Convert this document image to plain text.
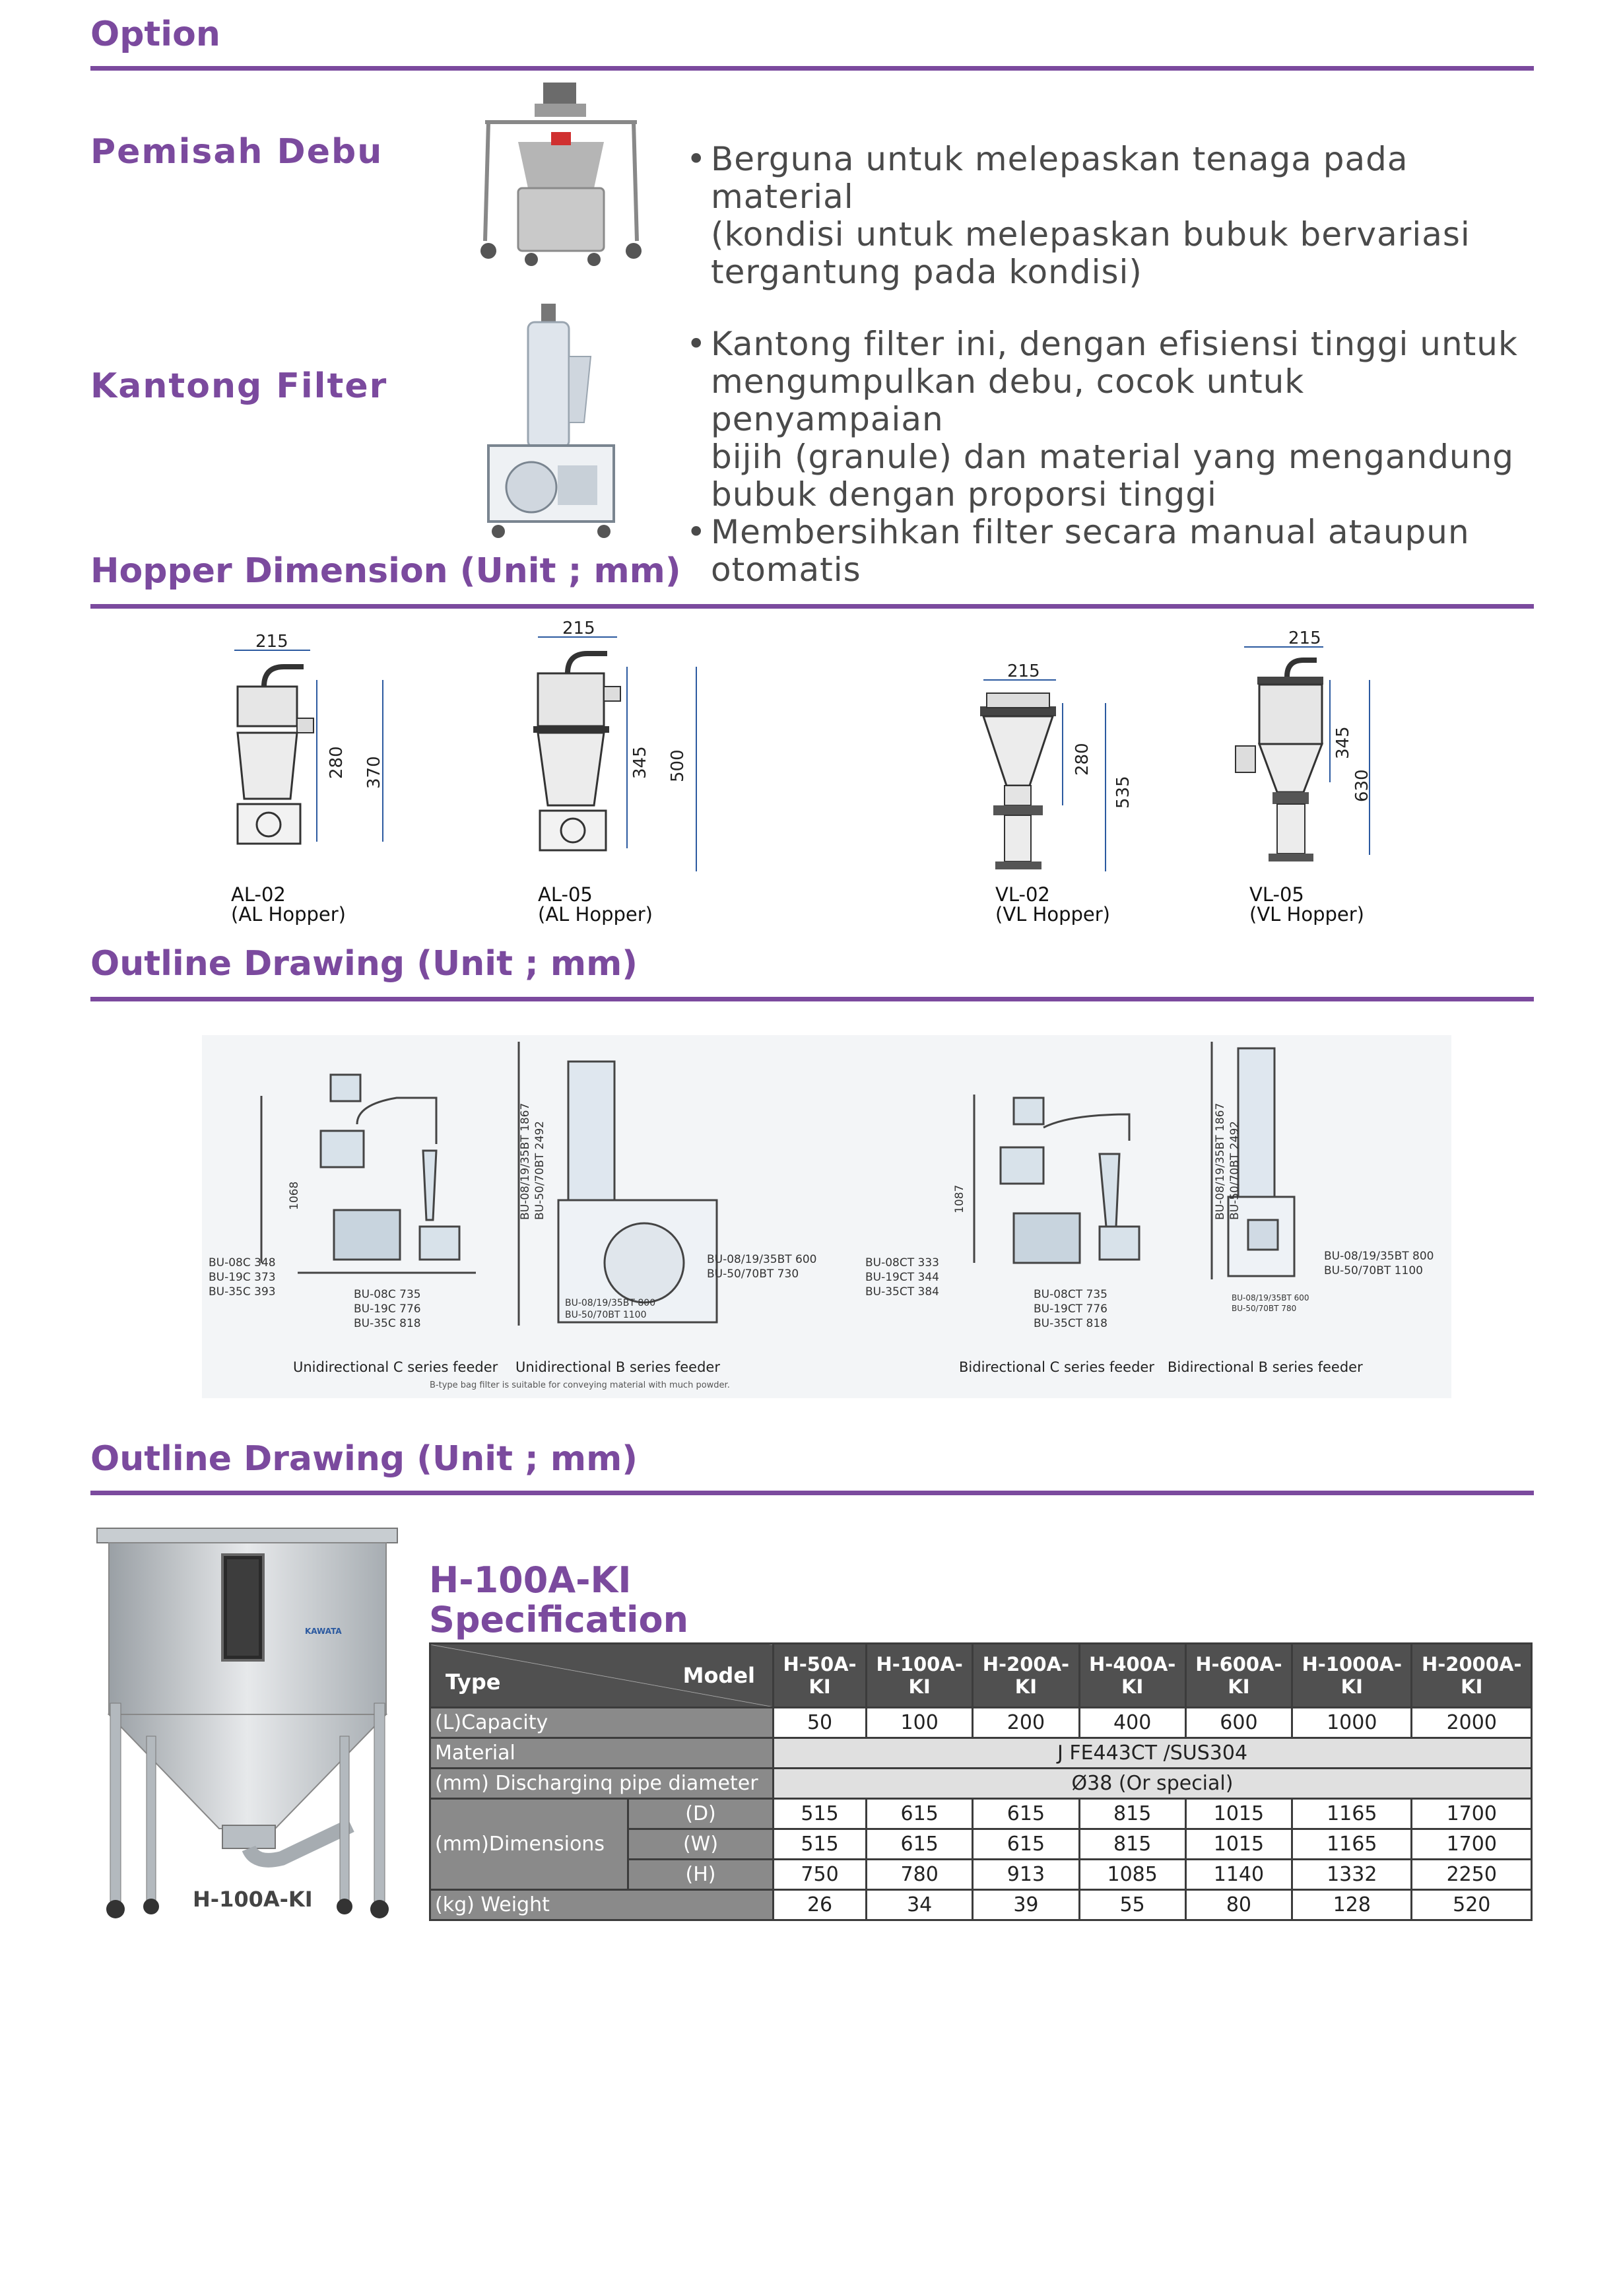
Option
Pemisah Debu	• Berguna untuk melepaskan tenaga pada material
(kondisi untuk melepaskan bubuk bervariasi
tergantung pada kondisi)
Kantong Filter
• Kantong filter ini, dengan efisiensi tinggi untuk
mengumpulkan debu, cocok untuk penyampaian
bijih (granule) dan material yang mengandung
bubuk dengan proporsi tinggi
• Membersihkan filter secara manual ataupun
otomatis
Hopper Dimension (Unit ; mm)
215
280 370
AL-02
(AL Hopper)
215
345 500
AL-05
(AL Hopper)
215
280
535
VL-02
(VL Hopper)
215
345
630
VL-05
(VL Hopper)
Outline Drawing (Unit ; mm)
1068
BU-08C 348
BU-19C 373
BU-35C 393	BU-08C 735
BU-19C 776
BU-35C 818
BU-08/19/35BT 1867 BU-50/70BT 2492
BU-08/19/35BT 600
BU-50/70BT 730
BU-08/19/35BT 800
BU-50/70BT 1100
1087
BU-08CT 333
BU-19CT 344
BU-35CT 384	BU-08CT 735
BU-19CT 776
BU-35CT 818
BU-08/19/35BT 1867 BU-50/70BT 2492
BU-08/19/35BT 800
BU-50/70BT 1100
BU-08/19/35BT 600
BU-50/70BT 780
Unidirectional C series feeder Unidirectional B series feeder	Bidirectional C series feeder Bidirectional B series feeder
B-type bag filter is suitable for conveying material with much powder.
Outline Drawing (Unit ; mm)
KAWATA
H-100A-KI
H-100A-KI
Specification
Type Model		H-50A-KI	H-100A-KI	H-200A-KI	H-400A-KI	H-600A-KI	H-1000A-KI	H-2000A-KI
(L)Capacity		50	100	200	400	600	1000	2000
Material		J FE443CT /SUS304						
(mm) Discharginq pipe diameter		Ø38 (Or special)						
(mm)Dimensions	(D)	515	615	615	815	1015	1165	1700
	(W)	515	615	615	815	1015	1165	1700
	(H)	750	780	913	1085	1140	1332	2250
(kg) Weight		26	34	39	55	80	128	520
